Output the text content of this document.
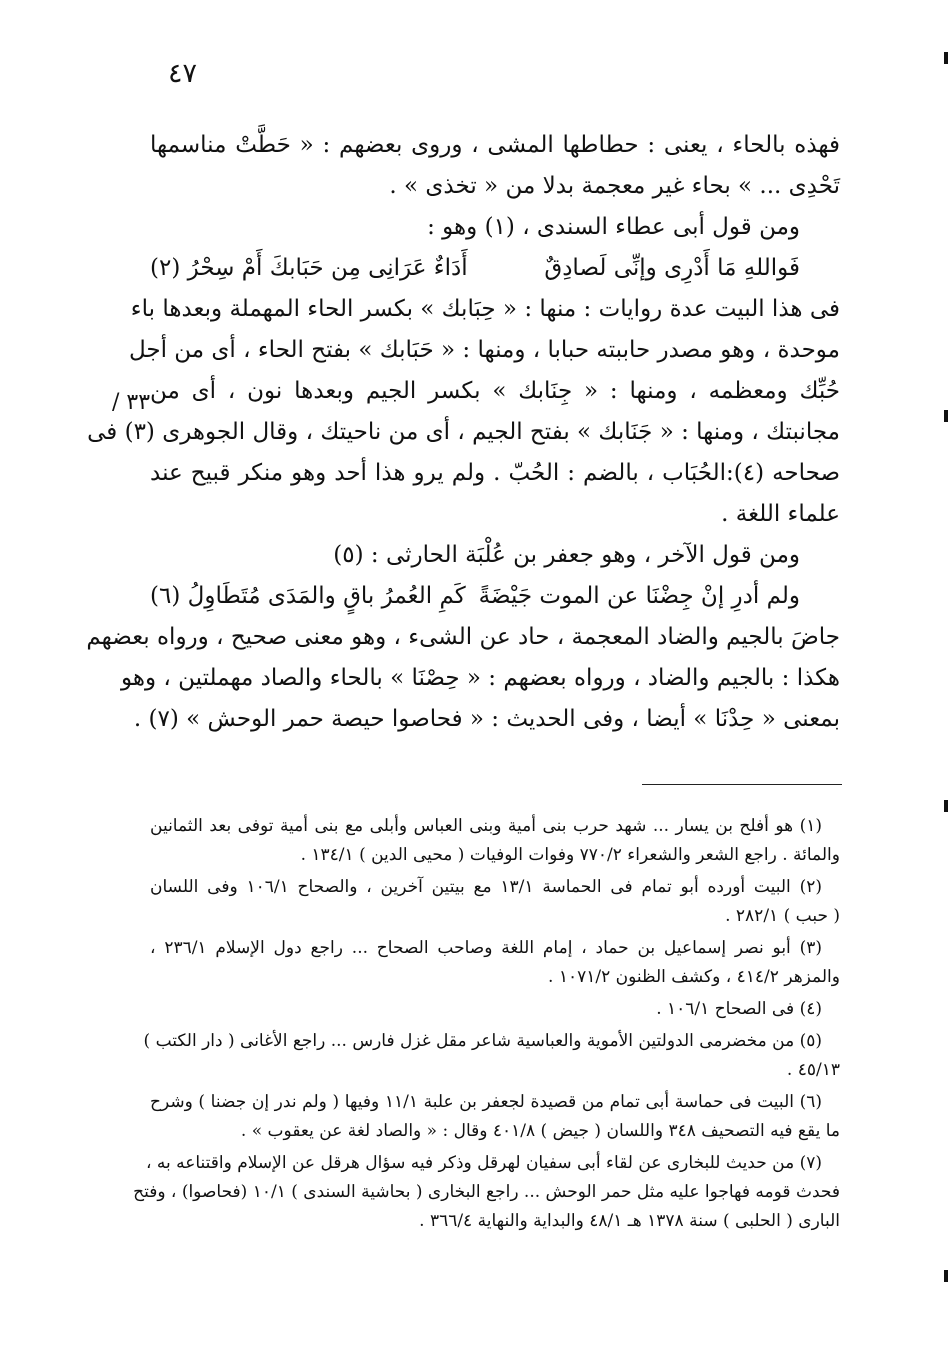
٤٧
٣٣ /
فهذه بالحاء ، يعنى : حطاطها المشى ، وروى بعضهم : « حَطَّتْ مناسمها
تَحْدِى ... » بحاء غير معجمة بدلا من « تخذى » .
ومن قول أبى عطاء السندى ، (١) وهو :
فَواللهِ مَا أَدْرِى وإنِّى لَصادِقٌ
أَدَاءٌ عَرَانِى مِن حَبَابكَ أَمْ سِحْرُ (٢)
فى هذا البيت عدة روايات : منها : « حِبَابك » بكسر الحاء المهملة وبعدها باء
موحدة ، وهو مصدر حاببته حبابا ، ومنها : « حَبَابك » بفتح الحاء ، أى من أجل
حُبِّك ومعظمه ، ومنها : « جِنَابك » بكسر الجيم وبعدها نون ، أى من
مجانبتك ، ومنها : « جَنَابك » بفتح الجيم ، أى من ناحيتك ، وقال الجوهرى (٣) فى
صحاحه (٤):الحُبَاب ، بالضم : الحُبّ . ولم يرو هذا أحد وهو منكر قبيح عند
علماء اللغة .
ومن قول الآخر ، وهو جعفر بن عُلْبَة الحارثى : (٥)
ولم أدرِ إنْ جِضْنَا عن الموت جَيْضَةً
كَمِ العُمرُ باقٍ والمَدَى مُتَطَاوِلُ (٦)
جاضَ بالجيم والضاد المعجمة ، حاد عن الشىء ، وهو معنى صحيح ، ورواه بعضهم
هكذا : بالجيم والضاد ، ورواه بعضهم : « حِصْنَا » بالحاء والصاد مهملتين ، وهو
بمعنى « حِدْنَا » أيضا ، وفى الحديث : « فحاصوا حيصة حمر الوحش » (٧) .
(١) هو أفلح بن يسار ... شهد حرب بنى أمية وبنى العباس وأبلى مع بنى أمية توفى بعد الثمانين
والمائة . راجع الشعر والشعراء ٧٧٠/٢ وفوات الوفيات ( محيى الدين ) ١٣٤/١ .
(٢) البيت أورده أبو تمام فى الحماسة ١٣/١ مع بيتين آخرين ، والصحاح ١٠٦/١ وفى اللسان
( حبب ) ٢٨٢/١ .
(٣) أبو نصر إسماعيل بن حماد ، إمام اللغة وصاحب الصحاح ... راجع دول الإسلام ٢٣٦/١ ،
والمزهر ٤١٤/٢ ، وكشف الظنون ١٠٧١/٢ .
(٤) فى الصحاح ١٠٦/١ .
(٥) من مخضرمى الدولتين الأموية والعباسية شاعر مقل غزل فارس ... راجع الأغانى ( دار الكتب )
٤٥/١٣ .
(٦) البيت فى حماسة أبى تمام من قصيدة لجعفر بن علبة ١١/١ وفيها ( ولم ندر إن جضنا ) وشرح
ما يقع فيه التصحيف ٣٤٨ واللسان ( جيض ) ٤٠١/٨ وقال : « والصاد لغة عن يعقوب » .
(٧) من حديث للبخارى عن لقاء أبى سفيان لهرقل وذكر فيه سؤال هرقل عن الإسلام واقتناعه به ،
فحدث قومه فهاجوا عليه مثل حمر الوحش ... راجع البخارى ( بحاشية السندى ) ١٠/١ (فحاصوا) ، وفتح
البارى ( الحلبى ) سنة ١٣٧٨ هـ ٤٨/١ والبداية والنهاية ٣٦٦/٤ .
